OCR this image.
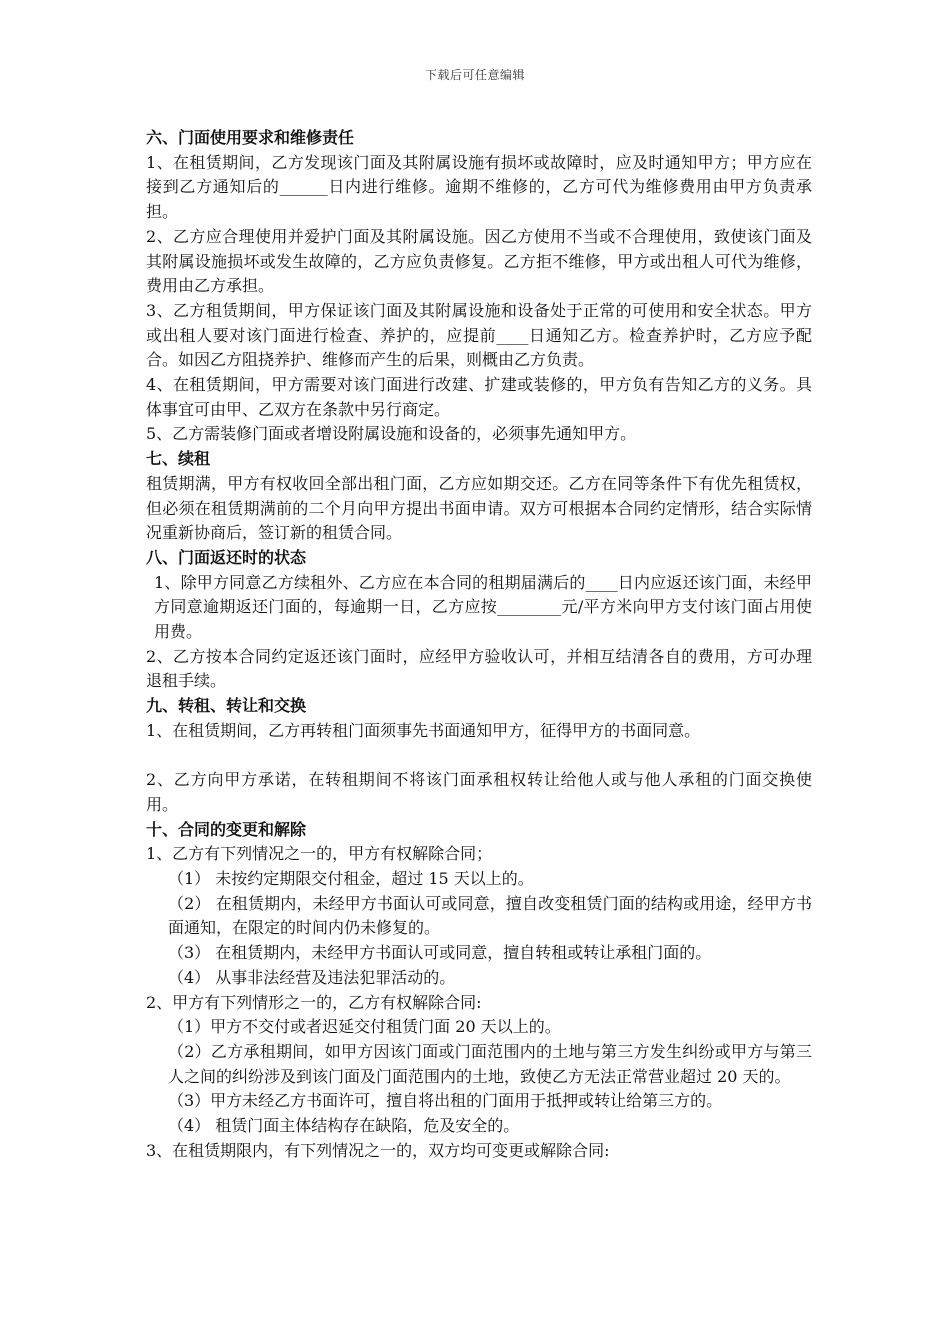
下载后可任意编辑

六、门面使用要求和维修责任

1、在租赁期间，乙方发现该门面及其附属设施有损坏或故障时，应及时通知甲方；甲方应在接到乙方通知后的______日内进行维修。逾期不维修的，乙方可代为维修费用由甲方负责承担。

2、乙方应合理使用并爱护门面及其附属设施。因乙方使用不当或不合理使用，致使该门面及其附属设施损坏或发生故障的，乙方应负责修复。乙方拒不维修，甲方或出租人可代为维修，费用由乙方承担。

3、乙方租赁期间，甲方保证该门面及其附属设施和设备处于正常的可使用和安全状态。甲方或出租人要对该门面进行检查、养护的，应提前____日通知乙方。检查养护时，乙方应予配合。如因乙方阻挠养护、维修而产生的后果，则概由乙方负责。

4、在租赁期间，甲方需要对该门面进行改建、扩建或装修的，甲方负有告知乙方的义务。具体事宜可由甲、乙双方在条款中另行商定。

5、乙方需装修门面或者增设附属设施和设备的，必须事先通知甲方。

七、续租

租赁期满，甲方有权收回全部出租门面，乙方应如期交还。乙方在同等条件下有优先租赁权，但必须在租赁期满前的二个月向甲方提出书面申请。双方可根据本合同约定情形，结合实际情况重新协商后，签订新的租赁合同。

八、门面返还时的状态

1、除甲方同意乙方续租外、乙方应在本合同的租期届满后的____日内应返还该门面，未经甲方同意逾期返还门面的，每逾期一日，乙方应按________元/平方米向甲方支付该门面占用使用费。

2、乙方按本合同约定返还该门面时，应经甲方验收认可，并相互结清各自的费用，方可办理退租手续。

九、转租、转让和交换

1、在租赁期间，乙方再转租门面须事先书面通知甲方，征得甲方的书面同意。

2、乙方向甲方承诺，在转租期间不将该门面承租权转让给他人或与他人承租的门面交换使用。

十、合同的变更和解除

1、乙方有下列情况之一的，甲方有权解除合同；

（1） 未按约定期限交付租金，超过 15 天以上的。

（2） 在租赁期内，未经甲方书面认可或同意，擅自改变租赁门面的结构或用途，经甲方书面通知，在限定的时间内仍未修复的。

（3） 在租赁期内，未经甲方书面认可或同意，擅自转租或转让承租门面的。

（4） 从事非法经营及违法犯罪活动的。

2、甲方有下列情形之一的，乙方有权解除合同:

（1）甲方不交付或者迟延交付租赁门面 20 天以上的。

（2）乙方承租期间，如甲方因该门面或门面范围内的土地与第三方发生纠纷或甲方与第三人之间的纠纷涉及到该门面及门面范围内的土地，致使乙方无法正常营业超过 20 天的。

（3）甲方未经乙方书面许可，擅自将出租的门面用于抵押或转让给第三方的。

（4） 租赁门面主体结构存在缺陷，危及安全的。

3、在租赁期限内，有下列情况之一的，双方均可变更或解除合同:
